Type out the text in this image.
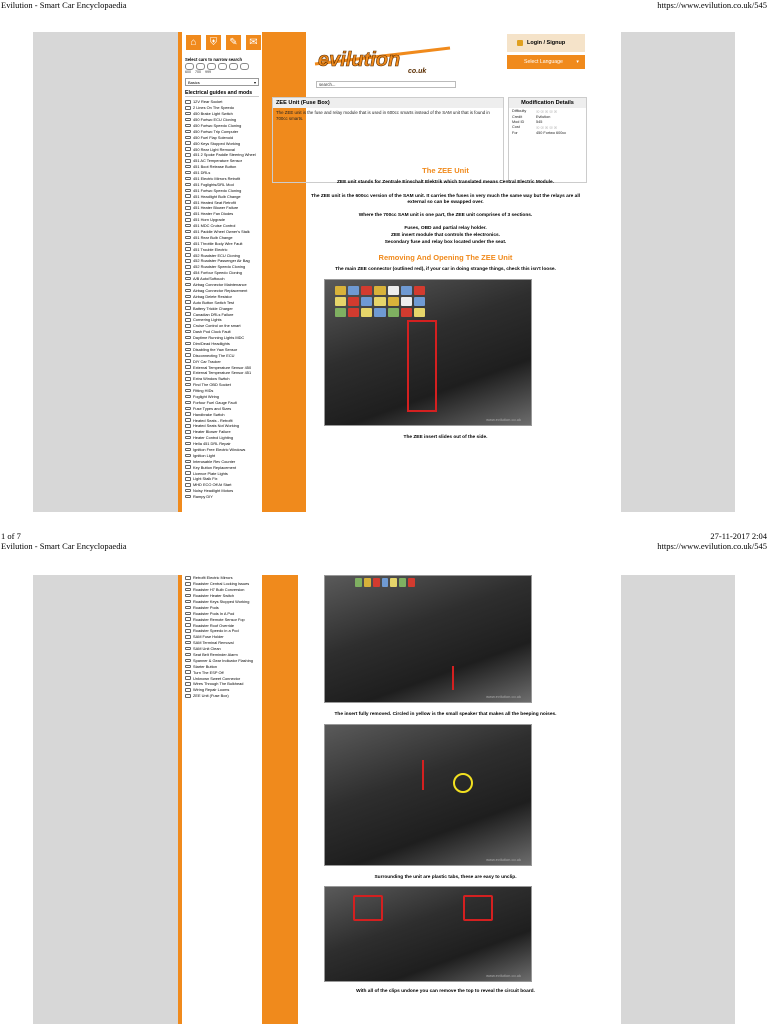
Evilution - Smart Car Encyclopaedia	https://www.evilution.co.uk/545
⌂	⛨	✎	✉
Select cars to narrow search
600 700 999
Basics	▾
Electrical guides and mods
12V Rear Socket
2 Lines On The Speedo
450 Brake Light Switch
450 Fortwo ECU Cloning
450 Fortwo Speedo Cloning
450 Fortwo Trip Computer
450 Fuel Flap Solenoid
450 Keys Stopped Working
450 Rear Light Removal
451 2 Spoke Paddle Steering Wheel
451 AC Temperature Sensor
451 Boot Release Button
451 DRLs
451 Electric Mirrors Retrofit
451 Foglights/DRL Mod
451 Fortwo Speedo Cloning
451 Headlight Bulb Change
451 Heated Seat Retrofit
451 Heater Blower Failure
451 Heater Fan Diodes
451 Horn Upgrade
451 MDC Cruise Control
451 Paddle Wheel Owner's Stalk
451 Rear Bulb Change
451 Throttle Body Wire Fault
451 Trouble Electric
452 Roadster ECU Cloning
452 Roadster Passenger Air Bag
452 Roadster Speedo Cloning
454 Forfour Speedo Cloning
A/B Auto/Softouch
Airbag Connector Maintenance
Airbag Connector Replacement
Airbag Delete Resistor
Auto Button Switch Test
Battery Trickle Charger
Canadian DRLs Failure
Cornering Lights
Cruise Control on the smart
Dash Pod Clock Fault
Daytime Running Lights MDC
Dim/Dead Headlights
Disabling the Yaw Sensor
Disconnecting The ECU
DIY Car Tracker
External Temperature Sensor 450
External Temperature Sensor 451
Extra Window Switch
Find The OBD Socket
Fitting HIDs
Foglight Wiring
Forfour Fuel Gauge Fault
Fuse Types and Sizes
Handbrake Switch
Heated Seats - Retrofit
Heated Seats Not Working
Heater Blower Failure
Heater Control Lighting
Hella 451 DRL Repair
Ignition Free Electric Windows
Ignition Light
Interusable Rev Counter
Key Button Replacement
Licence Plate Lights
Light Stalk Fix
MHD ECO Off At Start
Noisy Headlight Motors
Rampy DIY
Login / Signup
Select Language	▾
evilution
co.uk
search...
ZEE Unit (Fuse Box)

The ZEE unit is the fuse and relay module that is used in 600cc smarts instead of the SAM unit that is found in 700cc smarts.

Modification Details
Difficulty	☉☉☉☉☉
Credit	Evilution
Mod ID	545
Cost	☉☉☉☉☉
For	450 Fortwo 600cc
The ZEE Unit
ZEE unit stands for Zentrale Einschalt Elektrik which translated means Central Electric Module.
The ZEE unit is the 600cc version of the SAM unit. It carries the fuses in very much the same way but the relays are all external so can be swapped over.
Where the 700cc SAM unit is one part, the ZEE unit comprises of 3 sections.
Fuses, OBD and partial relay holder.
ZEE insert module that controls the electronics.
Secondary fuse and relay box located under the seat.
Removing And Opening The ZEE Unit
The main ZEE connector (outlined red), if your car in doing strange things, check this isn't loose.
www.evilution.co.uk
The ZEE insert slides out of the side.
1 of 7	27-11-2017 2:04
Evilution - Smart Car Encyclopaedia	https://www.evilution.co.uk/545
Retrofit Electric Mirrors
Roadster Central Locking Issues
Roadster H7 Bulb Conversion
Roadster Heater Switch
Roadster Keys Stopped Working
Roadster Pods
Roadster Pods In A Pod
Roadster Remote Sensor Fop
Roadster Roof Override
Roadster Speedo in a Pod
SAM Fuse Holder
SAM Terminal Removal
SAM Unit Clean
Seat Belt Reminder Alarm
Spanner & Gear Indicator Flashing
Starter Button
Turn The ESP Off
Unknown Sweet Connector
Wires Through The Bulkhead
Wiring Repair Looms
ZEE Unit (Fuse Box)	www.evilution.co.uk
The insert fully removed. Circled in yellow is the small speaker that makes all the beeping noises.
www.evilution.co.uk
Surrounding the unit are plastic tabs, these are easy to unclip.
www.evilution.co.uk
With all of the clips undone you can remove the top to reveal the circuit board.
